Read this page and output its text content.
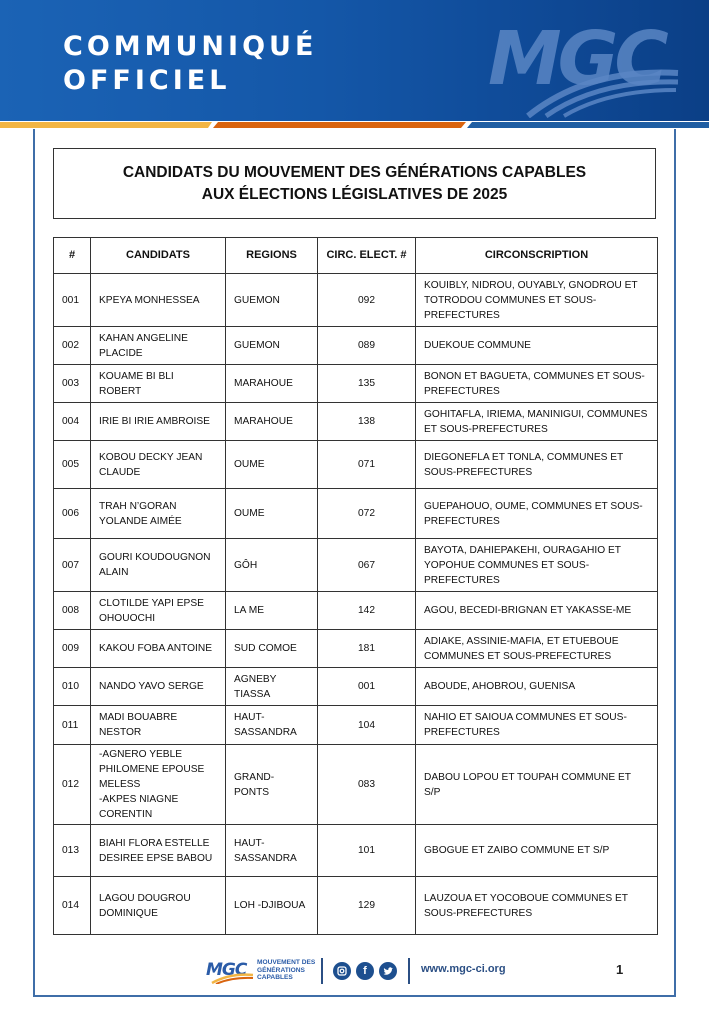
COMMUNIQUÉ
OFFICIEL	MGC
CANDIDATS DU MOUVEMENT DES GÉNÉRATIONS CAPABLES
AUX ÉLECTIONS LÉGISLATIVES DE 2025
#	CANDIDATS	REGIONS	CIRC. ELECT. #	CIRCONSCRIPTION
001	KPEYA MONHESSEA	GUEMON	092	KOUIBLY, NIDROU, OUYABLY, GNODROU ET TOTRODOU COMMUNES ET SOUS-PREFECTURES
002	KAHAN ANGELINE PLACIDE	GUEMON	089	DUEKOUE COMMUNE
003	KOUAME BI BLI ROBERT	MARAHOUE	135	BONON ET BAGUETA, COMMUNES ET SOUS-PREFECTURES
004	IRIE BI IRIE AMBROISE	MARAHOUE	138	GOHITAFLA, IRIEMA, MANINIGUI, COMMUNES ET SOUS-PREFECTURES
005	KOBOU DECKY JEAN CLAUDE	OUME	071	DIEGONEFLA ET TONLA, COMMUNES ET SOUS-PREFECTURES
006	TRAH N’GORAN YOLANDE AIMÉE	OUME	072	GUEPAHOUO, OUME, COMMUNES ET SOUS-PREFECTURES
007	GOURI KOUDOUGNON ALAIN	GÔH	067	BAYOTA, DAHIEPAKEHI, OURAGAHIO ET YOPOHUE COMMUNES ET SOUS-PREFECTURES
008	CLOTILDE YAPI EPSE OHOUOCHI	LA ME	142	AGOU, BECEDI-BRIGNAN ET YAKASSE-ME
009	KAKOU FOBA ANTOINE	SUD COMOE	181	ADIAKE, ASSINIE-MAFIA, ET ETUEBOUE COMMUNES ET SOUS-PREFECTURES
010	NANDO YAVO SERGE	AGNEBY TIASSA	001	ABOUDE, AHOBROU, GUENISA
011	MADI BOUABRE NESTOR	HAUT-SASSANDRA	104	NAHIO ET SAIOUA COMMUNES ET SOUS-PREFECTURES
012	-AGNERO YEBLE PHILOMENE EPOUSE MELESS
-AKPES NIAGNE CORENTIN	GRAND-PONTS	083	DABOU LOPOU ET TOUPAH COMMUNE ET S/P
013	BIAHI FLORA ESTELLE DESIREE EPSE BABOU	HAUT-SASSANDRA	101	GBOGUE ET ZAIBO COMMUNE ET S/P
014	LAGOU DOUGROU DOMINIQUE	LOH -DJIBOUA	129	LAUZOUA ET YOCOBOUE COMMUNES ET SOUS-PREFECTURES
MGC MOUVEMENT DES
GÉNÉRATIONS
CAPABLES
f	www.mgc-ci.org	1
